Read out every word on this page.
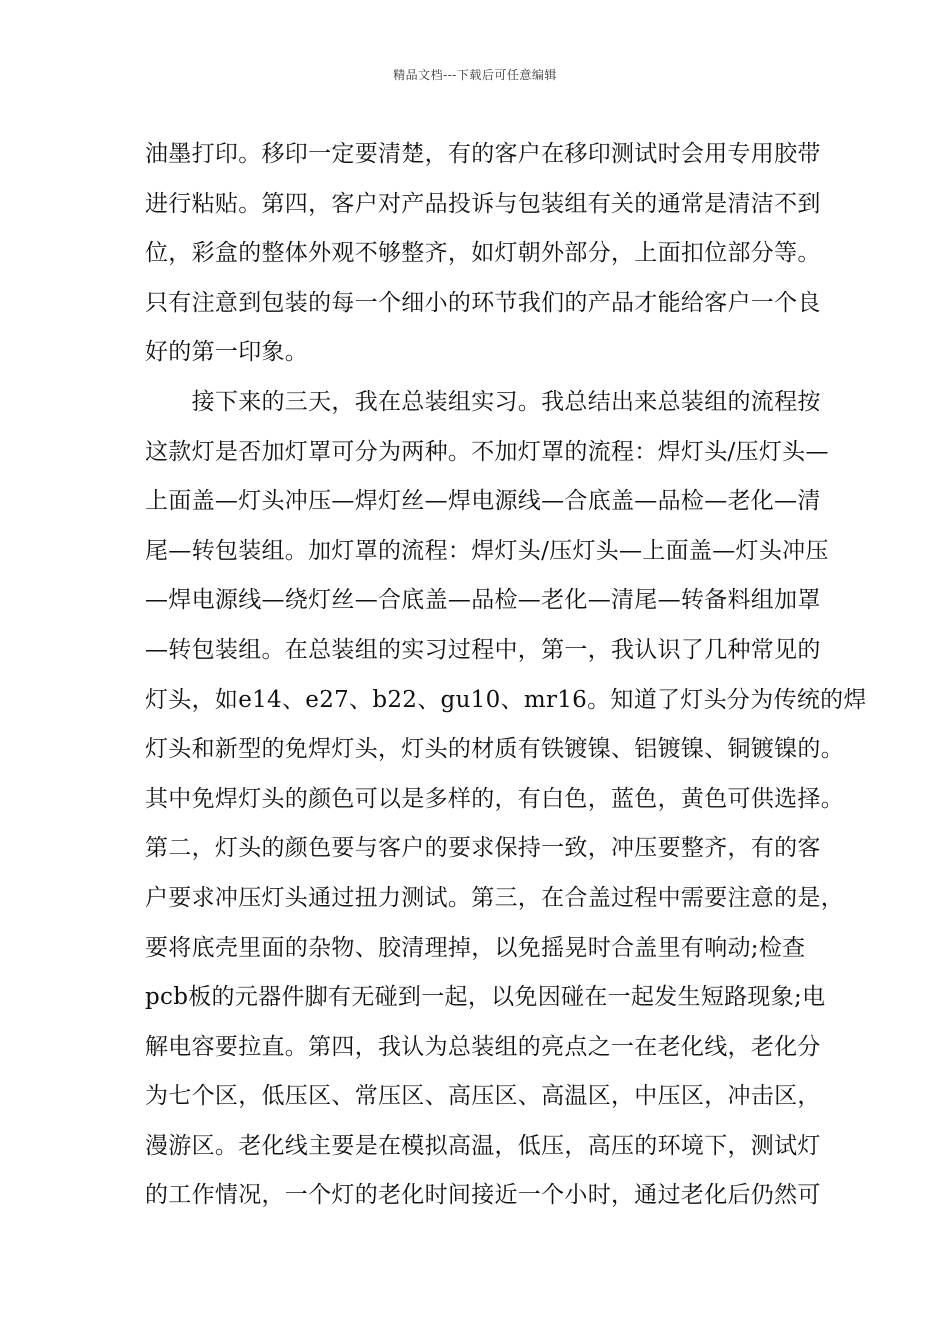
精品文档---下载后可任意编辑
油墨打印。移印一定要清楚，有的客户在移印测试时会用专用胶带
进行粘贴。第四，客户对产品投诉与包装组有关的通常是清洁不到
位，彩盒的整体外观不够整齐，如灯朝外部分，上面扣位部分等。
只有注意到包装的每一个细小的环节我们的产品才能给客户一个良
好的第一印象。
　　接下来的三天，我在总装组实习。我总结出来总装组的流程按
这款灯是否加灯罩可分为两种。不加灯罩的流程：焊灯头/压灯头—
上面盖—灯头冲压—焊灯丝—焊电源线—合底盖—品检—老化—清
尾—转包装组。加灯罩的流程：焊灯头/压灯头—上面盖—灯头冲压
—焊电源线—绕灯丝—合底盖—品检—老化—清尾—转备料组加罩
—转包装组。在总装组的实习过程中，第一，我认识了几种常见的
灯头，如e14、e27、b22、gu10、mr16。知道了灯头分为传统的焊
灯头和新型的免焊灯头，灯头的材质有铁镀镍、铝镀镍、铜镀镍的。
其中免焊灯头的颜色可以是多样的，有白色，蓝色，黄色可供选择。
第二，灯头的颜色要与客户的要求保持一致，冲压要整齐，有的客
户要求冲压灯头通过扭力测试。第三，在合盖过程中需要注意的是，
要将底壳里面的杂物、胶清理掉，以免摇晃时合盖里有响动;检查
pcb板的元器件脚有无碰到一起，以免因碰在一起发生短路现象;电
解电容要拉直。第四，我认为总装组的亮点之一在老化线，老化分
为七个区，低压区、常压区、高压区、高温区，中压区，冲击区，
漫游区。老化线主要是在模拟高温，低压，高压的环境下，测试灯
的工作情况，一个灯的老化时间接近一个小时，通过老化后仍然可
